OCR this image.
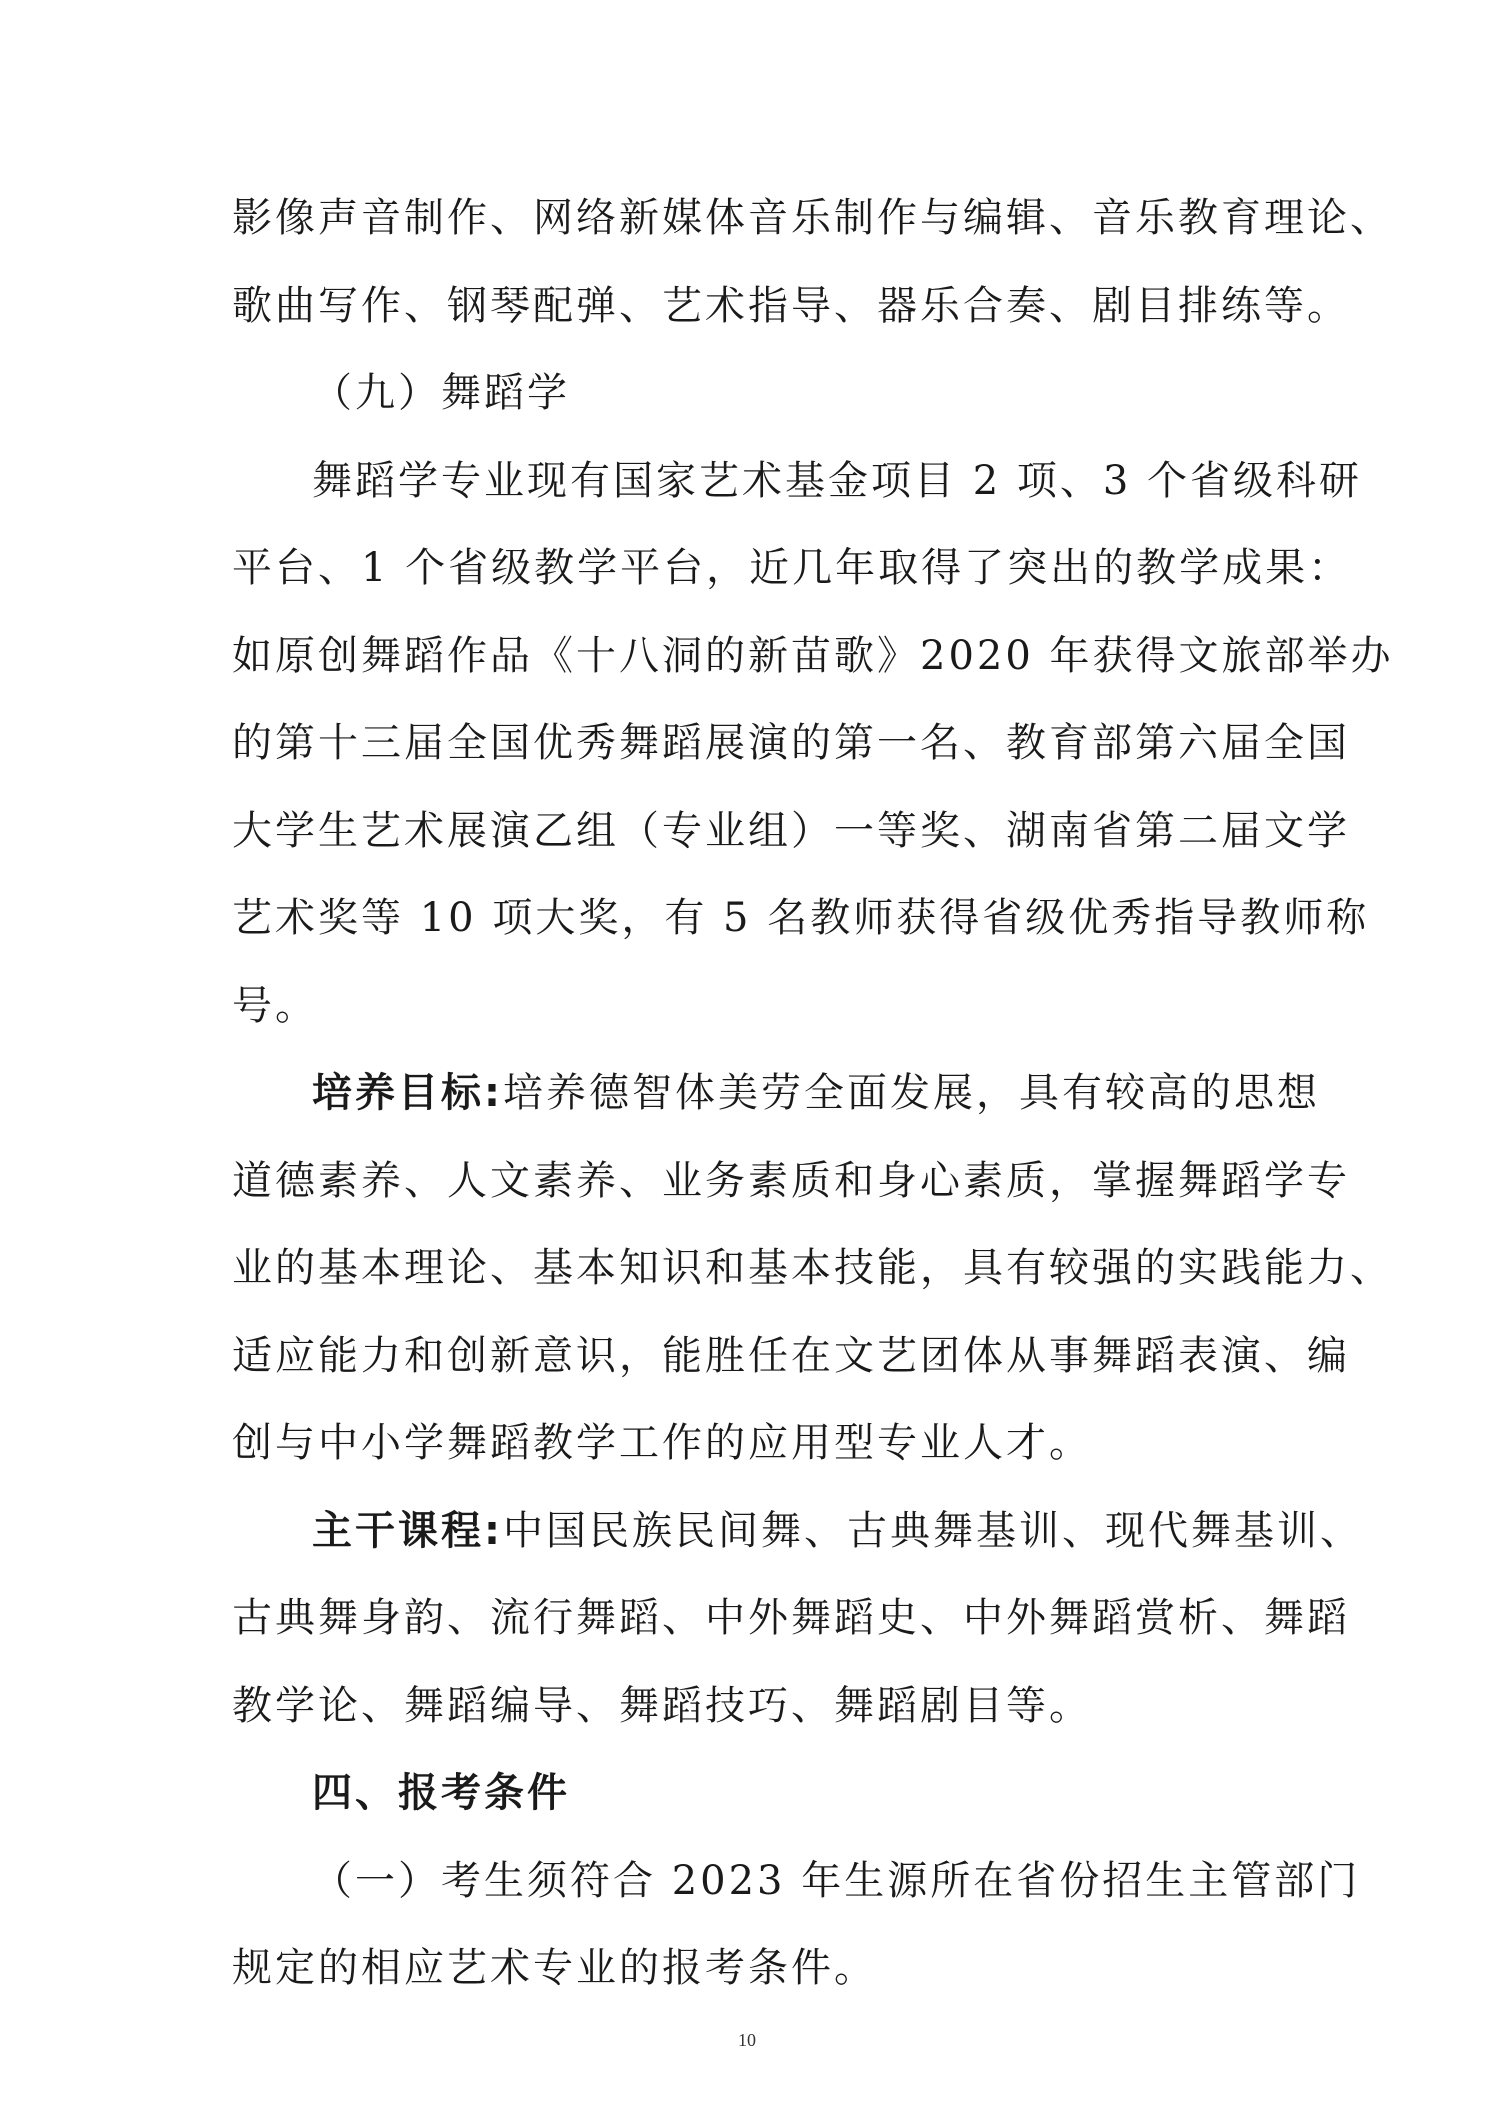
影像声音制作、网络新媒体音乐制作与编辑、音乐教育理论、
歌曲写作、钢琴配弹、艺术指导、器乐合奏、剧目排练等。
（九）舞蹈学
舞蹈学专业现有国家艺术基金项目 2 项、3 个省级科研
平台、1 个省级教学平台，近几年取得了突出的教学成果：
如原创舞蹈作品《十八洞的新苗歌》2020 年获得文旅部举办
的第十三届全国优秀舞蹈展演的第一名、教育部第六届全国
大学生艺术展演乙组（专业组）一等奖、湖南省第二届文学
艺术奖等 10 项大奖，有 5 名教师获得省级优秀指导教师称
号。
培养目标:培养德智体美劳全面发展，具有较高的思想
道德素养、人文素养、业务素质和身心素质，掌握舞蹈学专
业的基本理论、基本知识和基本技能，具有较强的实践能力、
适应能力和创新意识，能胜任在文艺团体从事舞蹈表演、编
创与中小学舞蹈教学工作的应用型专业人才。
主干课程:中国民族民间舞、古典舞基训、现代舞基训、
古典舞身韵、流行舞蹈、中外舞蹈史、中外舞蹈赏析、舞蹈
教学论、舞蹈编导、舞蹈技巧、舞蹈剧目等。
四、报考条件
（一）考生须符合 2023 年生源所在省份招生主管部门
规定的相应艺术专业的报考条件。
10
